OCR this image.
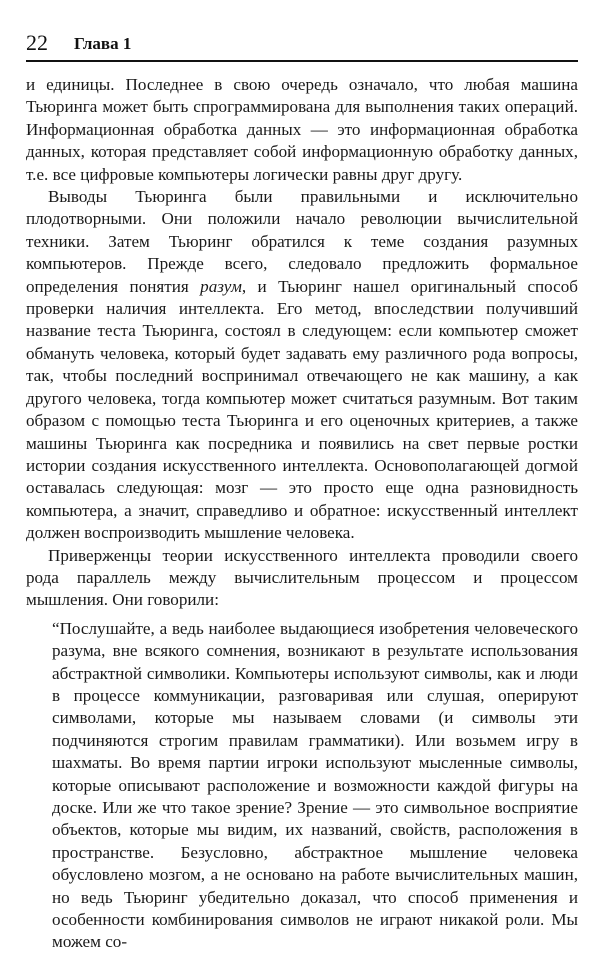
22 Глава 1

и единицы. Последнее в свою очередь означало, что любая машина Тьюринга может быть спрограммирована для выполнения таких операций. Информационная обработка данных — это информационная обработка данных, которая представляет собой информационную обработку данных, т.е. все цифровые компьютеры логически равны друг другу.

Выводы Тьюринга были правильными и исключительно плодотворными. Они положили начало революции вычислительной техники. Затем Тьюринг обратился к теме создания разумных компьютеров. Прежде всего, следовало предложить формальное определения понятия разум, и Тьюринг нашел оригинальный способ проверки наличия интеллекта. Его метод, впоследствии получивший название теста Тьюринга, состоял в следующем: если компьютер сможет обмануть человека, который будет задавать ему различного рода вопросы, так, чтобы последний воспринимал отвечающего не как машину, а как другого человека, тогда компьютер может считаться разумным. Вот таким образом с помощью теста Тьюринга и его оценочных критериев, а также машины Тьюринга как посредника и появились на свет первые ростки истории создания искусственного интеллекта. Основополагающей догмой оставалась следующая: мозг — это просто еще одна разновидность компьютера, а значит, справедливо и обратное: искусственный интеллект должен воспроизводить мышление человека.

Приверженцы теории искусственного интеллекта проводили своего рода параллель между вычислительным процессом и процессом мышления. Они говорили:

“Послушайте, а ведь наиболее выдающиеся изобретения человеческого разума, вне всякого сомнения, возникают в результате использования абстрактной символики. Компьютеры используют символы, как и люди в процессе коммуникации, разговаривая или слушая, оперируют символами, которые мы называем словами (и символы эти подчиняются строгим правилам грамматики). Или возьмем игру в шахматы. Во время партии игроки используют мысленные символы, которые описывают расположение и возможности каждой фигуры на доске. Или же что такое зрение? Зрение — это символьное восприятие объектов, которые мы видим, их названий, свойств, расположения в пространстве. Безусловно, абстрактное мышление человека обусловлено мозгом, а не основано на работе вычислительных машин, но ведь Тьюринг убедительно доказал, что способ применения и особенности комбинирования символов не играют никакой роли. Мы можем со-
